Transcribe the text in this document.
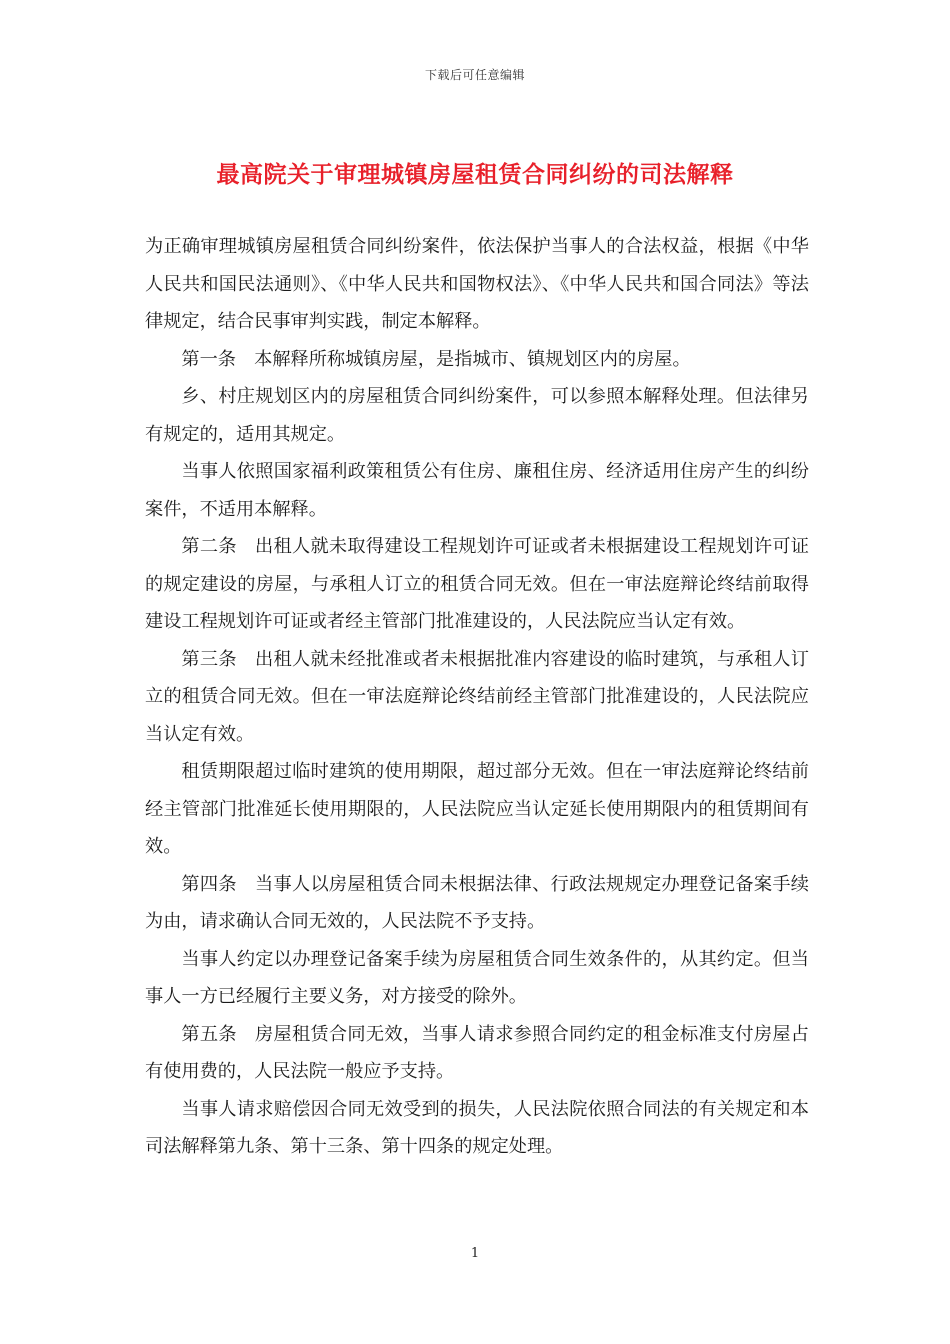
下载后可任意编辑
最高院关于审理城镇房屋租赁合同纠纷的司法解释

为正确审理城镇房屋租赁合同纠纷案件，依法保护当事人的合法权益，根据《中华人民共和国民法通则》、《中华人民共和国物权法》、《中华人民共和国合同法》等法律规定，结合民事审判实践，制定本解释。

第一条 本解释所称城镇房屋，是指城市、镇规划区内的房屋。

乡、村庄规划区内的房屋租赁合同纠纷案件，可以参照本解释处理。但法律另有规定的，适用其规定。

当事人依照国家福利政策租赁公有住房、廉租住房、经济适用住房产生的纠纷案件，不适用本解释。

第二条 出租人就未取得建设工程规划许可证或者未根据建设工程规划许可证的规定建设的房屋，与承租人订立的租赁合同无效。但在一审法庭辩论终结前取得建设工程规划许可证或者经主管部门批准建设的，人民法院应当认定有效。

第三条 出租人就未经批准或者未根据批准内容建设的临时建筑，与承租人订立的租赁合同无效。但在一审法庭辩论终结前经主管部门批准建设的，人民法院应当认定有效。

租赁期限超过临时建筑的使用期限，超过部分无效。但在一审法庭辩论终结前经主管部门批准延长使用期限的，人民法院应当认定延长使用期限内的租赁期间有效。

第四条 当事人以房屋租赁合同未根据法律、行政法规规定办理登记备案手续为由，请求确认合同无效的，人民法院不予支持。

当事人约定以办理登记备案手续为房屋租赁合同生效条件的，从其约定。但当事人一方已经履行主要义务，对方接受的除外。

第五条 房屋租赁合同无效，当事人请求参照合同约定的租金标准支付房屋占有使用费的，人民法院一般应予支持。

当事人请求赔偿因合同无效受到的损失，人民法院依照合同法的有关规定和本司法解释第九条、第十三条、第十四条的规定处理。

1
